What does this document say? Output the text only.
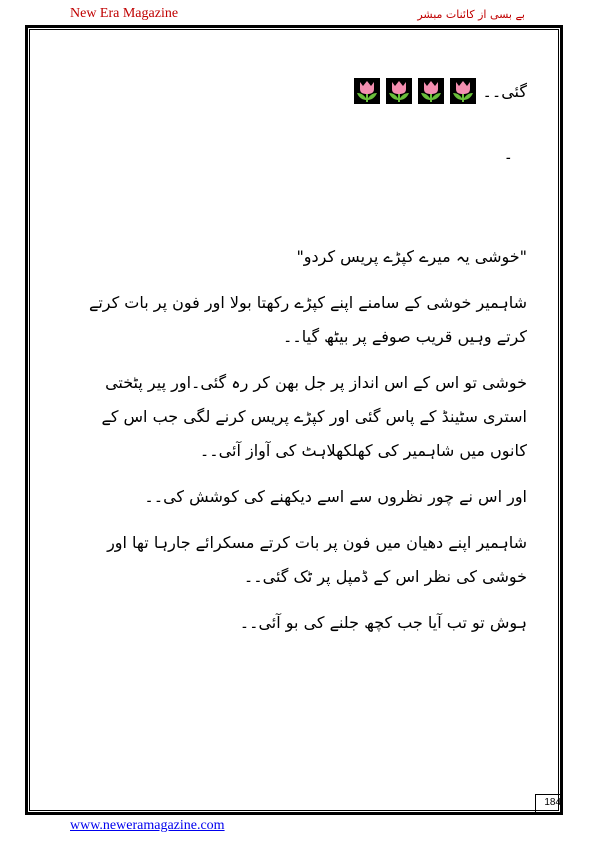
New Era Magazine	بے بسی از کائنات مبشر
گئی۔۔
۔

"خوشی یہ میرے کپڑے پریس کردو"

شاہمیر خوشی کے سامنے اپنے کپڑے رکھتا بولا اور فون پر بات کرتے کرتے وہیں قریب صوفے پر بیٹھ گیا۔۔

خوشی تو اس کے اس انداز پر جل بھن کر رہ گئی۔اور پیر پٹختی استری سٹینڈ کے پاس گئی اور کپڑے پریس کرنے لگی جب اس کے کانوں میں شاہمیر کی کھلکھلاہٹ کی آواز آئی۔۔

اور اس نے چور نظروں سے اسے دیکھنے کی کوشش کی۔۔

شاہمیر اپنے دھیان میں فون پر بات کرتے مسکرائے جارہا تھا اور خوشی کی نظر اس کے ڈمپل پر ٹک گئی۔۔

ہوش تو تب آیا جب کچھ جلنے کی بو آئی۔۔

184
www.neweramagazine.com
